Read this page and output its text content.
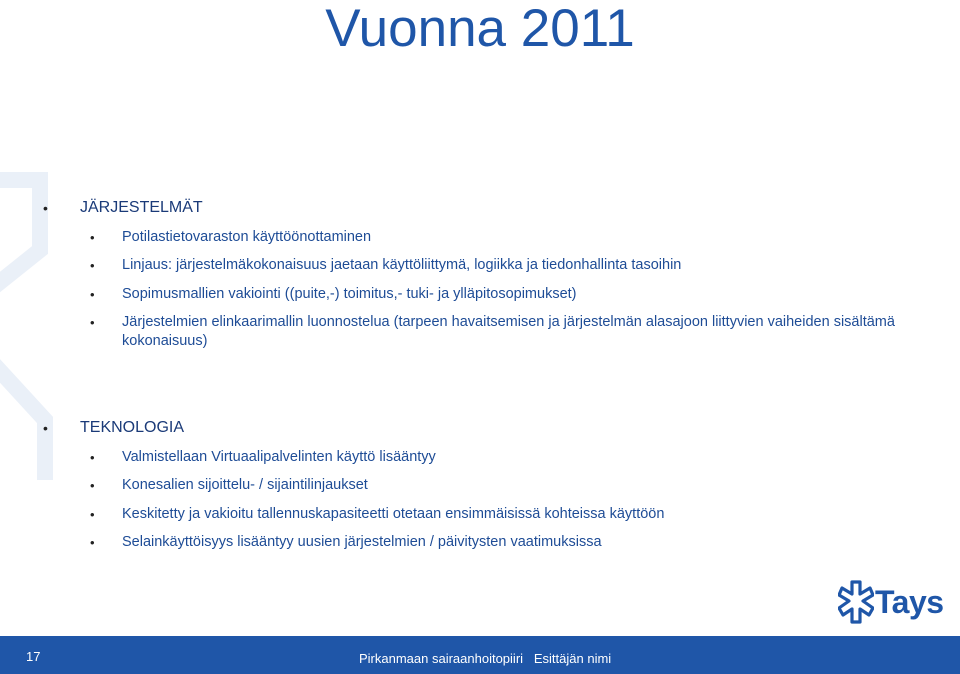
Vuonna 2011
• JÄRJESTELMÄT
• Potilastietovaraston käyttöönottaminen
• Linjaus: järjestelmäkokonaisuus jaetaan käyttöliittymä, logiikka ja tiedonhallinta tasoihin
• Sopimusmallien vakiointi ((puite,-) toimitus,- tuki- ja ylläpitosopimukset)
• Järjestelmien elinkaarimallin luonnostelua (tarpeen havaitsemisen ja järjestelmän alasajoon liittyvien vaiheiden sisältämä kokonaisuus)
• TEKNOLOGIA
• Valmistellaan Virtuaalipalvelinten käyttö lisääntyy
• Konesalien sijoittelu- / sijaintilinjaukset
• Keskitetty ja vakioitu tallennuskapasiteetti otetaan ensimmäisissä kohteissa käyttöön
• Selainkäyttöisyys lisääntyy uusien järjestelmien / päivitysten vaatimuksissa
Tays
17	Pirkanmaan sairaanhoitopiiri   Esittäjän nimi
